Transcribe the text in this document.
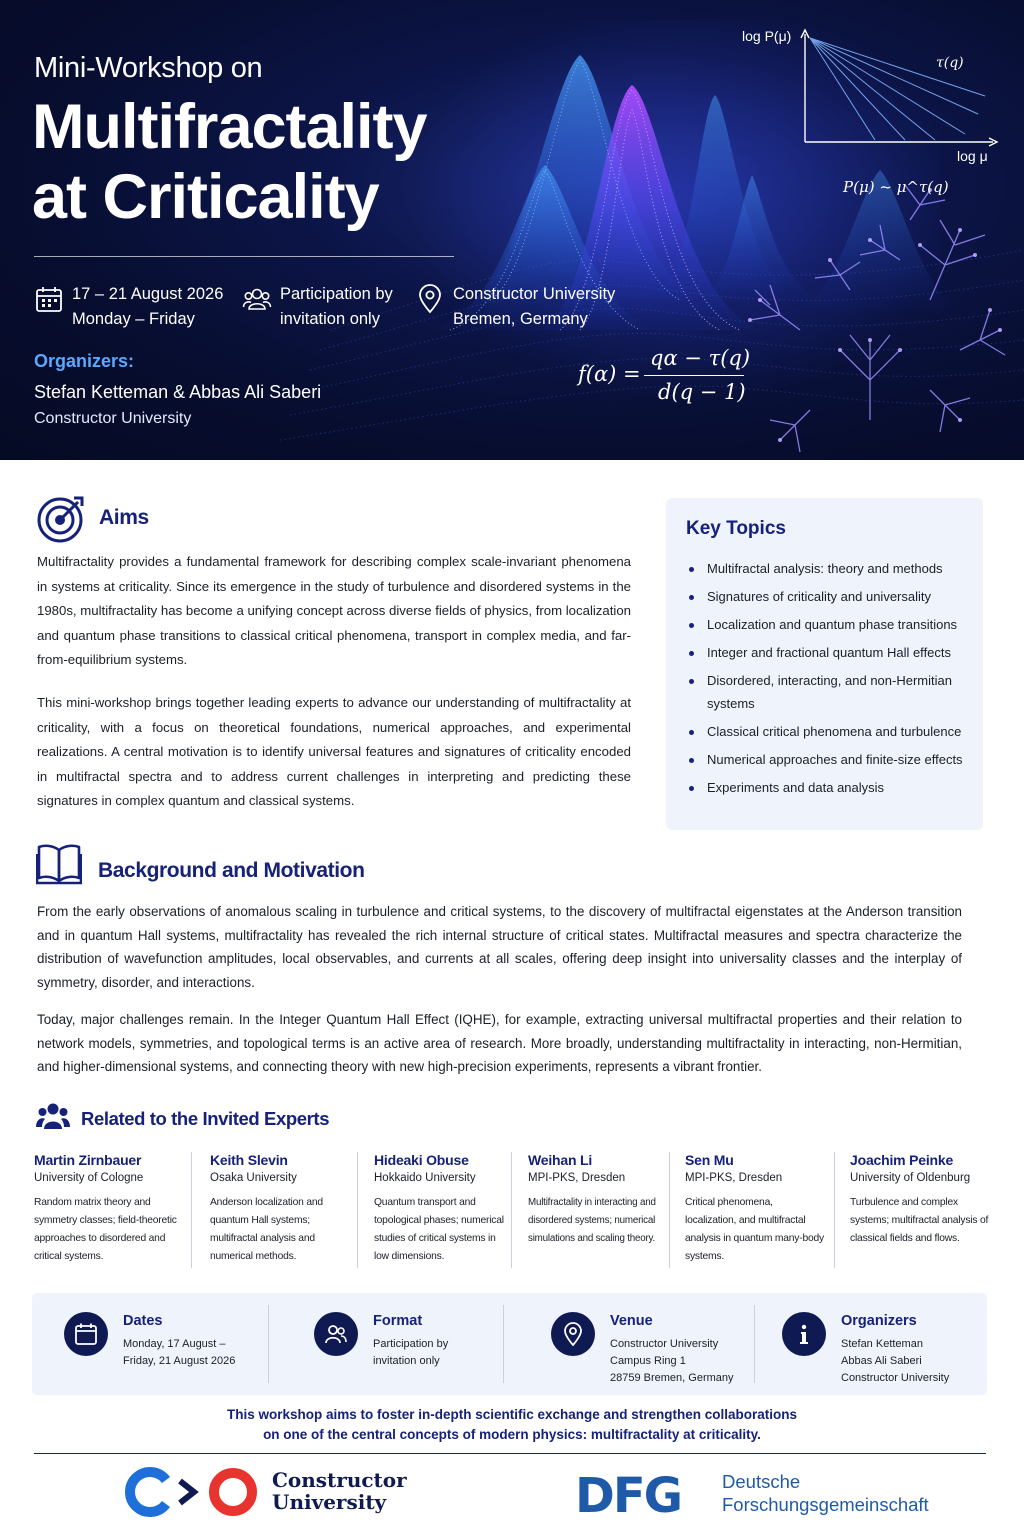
log P(μ)
log μ
τ(q)
P(μ) ~ μ^τ(q)
Mini-Workshop on
Multifractality
at Criticality
17 – 21 August 2026
Monday – Friday
Participation by
invitation only
Constructor University
Bremen, Germany
Organizers:
Stefan Ketteman & Abbas Ali Saberi
Constructor University
f(α) =
qα − τ(q)
d(q − 1)
Aims
Multifractality provides a fundamental framework for describing complex scale-invariant phenomena in systems at criticality. Since its emergence in the study of turbulence and disordered systems in the 1980s, multifractality has become a unifying concept across diverse fields of physics, from localization and quantum phase transitions to classical critical phenomena, transport in complex media, and far-from-equilibrium systems.
This mini-workshop brings together leading experts to advance our understanding of multifractality at criticality, with a focus on theoretical foundations, numerical approaches, and experimental realizations. A central motivation is to identify universal features and signatures of criticality encoded in multifractal spectra and to address current challenges in interpreting and predicting these signatures in complex quantum and classical systems.
Key Topics
Multifractal analysis: theory and methods
Signatures of criticality and universality
Localization and quantum phase transitions
Integer and fractional quantum Hall effects
Disordered, interacting, and non-Hermitian systems
Classical critical phenomena and turbulence
Numerical approaches and finite-size effects
Experiments and data analysis
Background and Motivation
From the early observations of anomalous scaling in turbulence and critical systems, to the discovery of multifractal eigenstates at the Anderson transition and in quantum Hall systems, multifractality has revealed the rich internal structure of critical states. Multifractal measures and spectra characterize the distribution of wavefunction amplitudes, local observables, and currents at all scales, offering deep insight into universality classes and the interplay of symmetry, disorder, and interactions.
Today, major challenges remain. In the Integer Quantum Hall Effect (IQHE), for example, extracting universal multifractal properties and their relation to network models, symmetries, and topological terms is an active area of research. More broadly, understanding multifractality in interacting, non-Hermitian, and higher-dimensional systems, and connecting theory with new high-precision experiments, represents a vibrant frontier.
Related to the Invited Experts
Martin Zirnbauer
University of Cologne
Random matrix theory and symmetry classes; field-theoretic approaches to disordered and critical systems.
Keith Slevin
Osaka University
Anderson localization and quantum Hall systems; multifractal analysis and numerical methods.
Hideaki Obuse
Hokkaido University
Quantum transport and topological phases; numerical studies of critical systems in low dimensions.
Weihan Li
MPI-PKS, Dresden
Multifractality in interacting and disordered systems; numerical simulations and scaling theory.
Sen Mu
MPI-PKS, Dresden
Critical phenomena, localization, and multifractal analysis in quantum many-body systems.
Joachim Peinke
University of Oldenburg
Turbulence and complex systems; multifractal analysis of classical fields and flows.
Dates
Monday, 17 August –
Friday, 21 August 2026
Format
Participation by
invitation only
Venue
Constructor University
Campus Ring 1
28759 Bremen, Germany
Organizers
Stefan Ketteman
Abbas Ali Saberi
Constructor University
This workshop aims to foster in-depth scientific exchange and strengthen collaborations
on one of the central concepts of modern physics: multifractality at criticality.
Constructor
University	DFG Deutsche
Forschungsgemeinschaft
